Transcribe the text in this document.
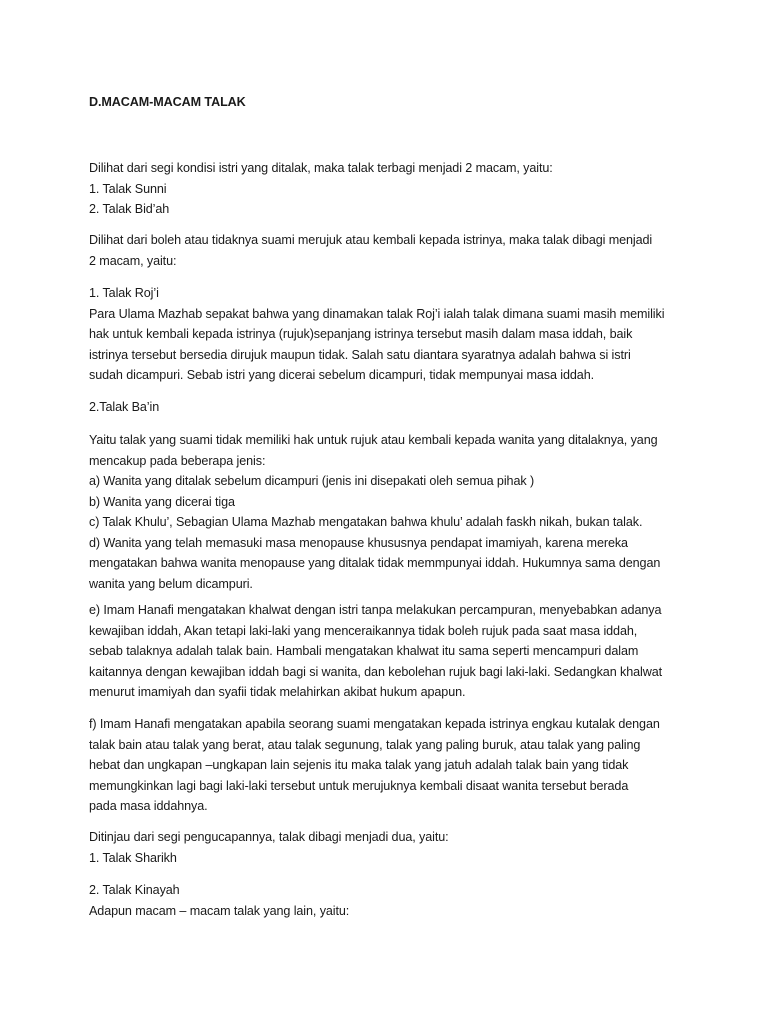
D.MACAM-MACAM TALAK
Dilihat dari segi kondisi istri yang ditalak, maka talak terbagi menjadi 2 macam, yaitu:
1. Talak Sunni
2. Talak Bid’ah
Dilihat dari boleh atau tidaknya suami merujuk atau kembali kepada istrinya, maka talak dibagi menjadi
2 macam, yaitu:
1. Talak Roj’i
Para Ulama Mazhab sepakat bahwa yang dinamakan talak Roj’i ialah talak dimana suami masih memiliki
hak untuk kembali kepada istrinya (rujuk)sepanjang istrinya tersebut masih dalam masa iddah, baik
istrinya tersebut bersedia dirujuk maupun tidak. Salah satu diantara syaratnya adalah bahwa si istri
sudah dicampuri. Sebab istri yang dicerai sebelum dicampuri, tidak mempunyai masa iddah.
2.Talak Ba’in
Yaitu talak yang suami tidak memiliki hak untuk rujuk atau kembali kepada wanita yang ditalaknya, yang
mencakup pada beberapa jenis:
a) Wanita yang ditalak sebelum dicampuri (jenis ini disepakati oleh semua pihak )
b) Wanita yang dicerai tiga
c) Talak Khulu’, Sebagian Ulama Mazhab mengatakan bahwa khulu’ adalah faskh nikah, bukan talak.
d) Wanita yang telah memasuki masa menopause khususnya pendapat imamiyah, karena mereka
mengatakan bahwa wanita menopause yang ditalak tidak memmpunyai iddah. Hukumnya sama dengan
wanita yang belum dicampuri.
e) Imam Hanafi mengatakan khalwat dengan istri tanpa melakukan percampuran, menyebabkan adanya
kewajiban iddah, Akan tetapi laki-laki yang menceraikannya tidak boleh rujuk pada saat masa iddah,
sebab talaknya adalah talak bain. Hambali mengatakan khalwat itu sama seperti mencampuri dalam
kaitannya dengan kewajiban iddah bagi si wanita, dan kebolehan rujuk bagi laki-laki. Sedangkan khalwat
menurut imamiyah dan syafii tidak melahirkan akibat hukum apapun.
f) Imam Hanafi mengatakan apabila seorang suami mengatakan kepada istrinya engkau kutalak dengan
talak bain atau talak yang berat, atau talak segunung, talak yang paling buruk, atau talak yang paling
hebat dan ungkapan –ungkapan lain sejenis itu maka talak yang jatuh adalah talak bain yang tidak
memungkinkan lagi bagi laki-laki tersebut untuk merujuknya kembali disaat wanita tersebut berada
pada masa iddahnya.
Ditinjau dari segi pengucapannya, talak dibagi menjadi dua, yaitu:
1. Talak Sharikh
2. Talak Kinayah
Adapun macam – macam talak yang lain, yaitu:
